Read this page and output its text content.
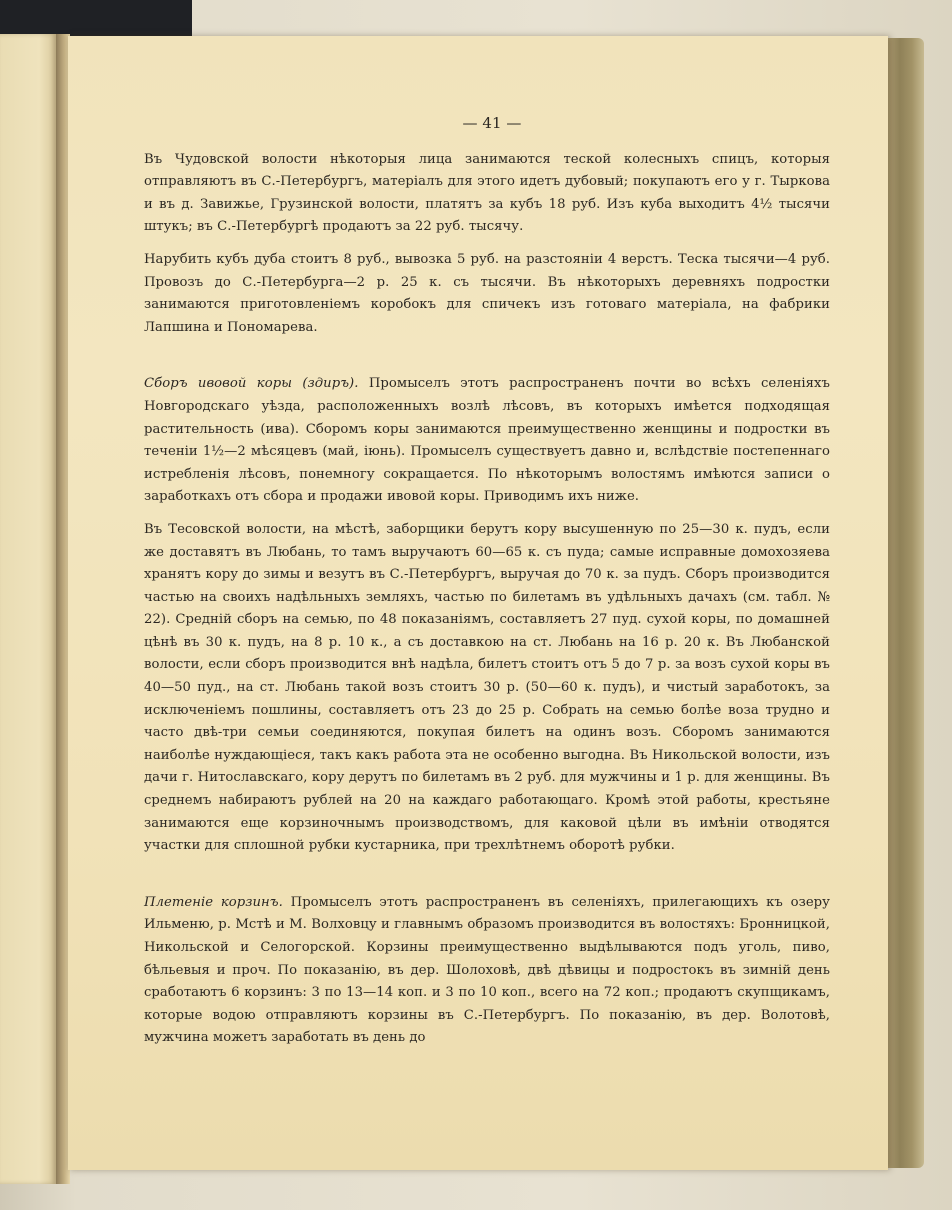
— 41 —

Въ Чудовской волости нѣкоторыя лица занимаются теской колесныхъ спицъ, которыя отправляютъ въ С.-Петербургъ, матеріалъ для этого идетъ дубовый; покупаютъ его у г. Тыркова и въ д. Завижье, Грузинской волости, платятъ за кубъ 18 руб. Изъ куба выходитъ 4½ тысячи штукъ; въ С.-Петербургѣ продаютъ за 22 руб. тысячу.

Нарубить кубъ дуба стоитъ 8 руб., вывозка 5 руб. на разстояніи 4 верстъ. Теска тысячи—4 руб. Провозъ до С.-Петербурга—2 р. 25 к. съ тысячи. Въ нѣкоторыхъ деревняхъ подростки занимаются приготовленіемъ коробокъ для спичекъ изъ готоваго матеріала, на фабрики Лапшина и Пономарева.

Сборъ ивовой коры (здиръ). Промыселъ этотъ распространенъ почти во всѣхъ селеніяхъ Новгородскаго уѣзда, расположенныхъ возлѣ лѣсовъ, въ которыхъ имѣется подходящая растительность (ива). Сборомъ коры занимаются преимущественно женщины и подростки въ теченіи 1½—2 мѣсяцевъ (май, іюнь). Промыселъ существуетъ давно и, вслѣдствіе постепеннаго истребленія лѣсовъ, понемногу сокращается. По нѣкоторымъ волостямъ имѣются записи о заработкахъ отъ сбора и продажи ивовой коры. Приводимъ ихъ ниже.

Въ Тесовской волости, на мѣстѣ, заборщики берутъ кору высушенную по 25—30 к. пудъ, если же доставятъ въ Любань, то тамъ выручаютъ 60—65 к. съ пуда; самые исправные домохозяева хранятъ кору до зимы и везутъ въ С.-Петербургъ, выручая до 70 к. за пудъ. Сборъ производится частью на своихъ надѣльныхъ земляхъ, частью по билетамъ въ удѣльныхъ дачахъ (см. табл. № 22). Средній сборъ на семью, по 48 показаніямъ, составляетъ 27 пуд. сухой коры, по домашней цѣнѣ въ 30 к. пудъ, на 8 р. 10 к., а съ доставкою на ст. Любань на 16 р. 20 к. Въ Любанской волости, если сборъ производится внѣ надѣла, билетъ стоитъ отъ 5 до 7 р. за возъ сухой коры въ 40—50 пуд., на ст. Любань такой возъ стоитъ 30 р. (50—60 к. пудъ), и чистый заработокъ, за исключеніемъ пошлины, составляетъ отъ 23 до 25 р. Собрать на семью болѣе воза трудно и часто двѣ-три семьи соединяются, покупая билетъ на одинъ возъ. Сборомъ занимаются наиболѣе нуждающіеся, такъ какъ работа эта не особенно выгодна. Въ Никольской волости, изъ дачи г. Нитославскаго, кору дерутъ по билетамъ въ 2 руб. для мужчины и 1 р. для женщины. Въ среднемъ набираютъ рублей на 20 на каждаго работающаго. Кромѣ этой работы, крестьяне занимаются еще корзиночнымъ производствомъ, для каковой цѣли въ имѣніи отводятся участки для сплошной рубки кустарника, при трехлѣтнемъ оборотѣ рубки.

Плетеніе корзинъ. Промыселъ этотъ распространенъ въ селеніяхъ, прилегающихъ къ озеру Ильменю, р. Мстѣ и М. Волховцу и главнымъ образомъ производится въ волостяхъ: Бронницкой, Никольской и Селогорской. Корзины преимущественно выдѣлываются подъ уголь, пиво, бѣльевыя и проч. По показанію, въ дер. Шолоховѣ, двѣ дѣвицы и подростокъ въ зимній день сработаютъ 6 корзинъ: 3 по 13—14 коп. и 3 по 10 коп., всего на 72 коп.; продаютъ скупщикамъ, которые водою отправляютъ корзины въ С.-Петербургъ. По показанію, въ дер. Волотовѣ, мужчина можетъ заработать въ день до
